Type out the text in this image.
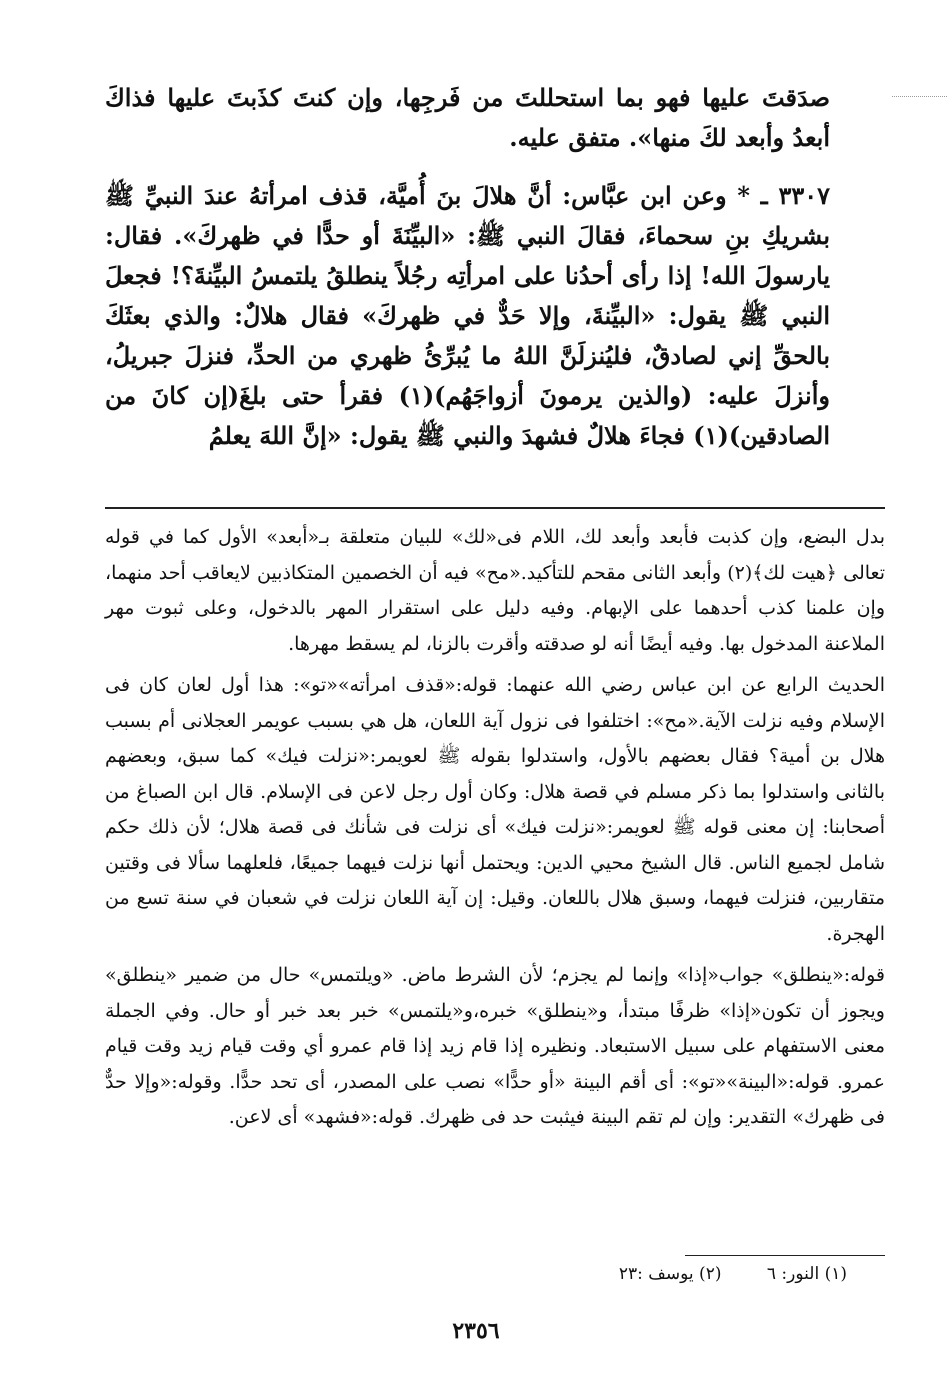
صدَقتَ عليها فهو بما استحللتَ من فَرجِها، وإن كنتَ كذَبتَ عليها فذاكَ أبعدُ وأبعد لكَ منها». متفق عليه.

٣٣٠٧ ـ * وعن ابن عبَّاس: أنَّ هلالَ بنَ أُميَّة، قذف امرأتهُ عندَ النبيِّ ﷺ بشريكِ بنِ سحماءَ، فقالَ النبي ﷺ: «البيِّنَةَ أو حدًّا في ظهركَ». فقال: يارسولَ الله! إذا رأى أحدُنا على امرأتِه رجُلاً ينطلقُ يلتمسُ البيِّنةَ؟! فجعلَ النبي ﷺ يقول: «البيِّنةَ، وإلا حَدٌّ في ظهركَ» فقال هلالٌ: والذي بعثَكَ بالحقِّ إني لصادقٌ، فليُنزلَنَّ اللهُ ما يُبرِّئُ ظهري من الحدِّ، فنزلَ جبريلُ، وأنزلَ عليه: (والذين يرمونَ أزواجَهُم)(١) فقرأ حتى بلغَ(إن كانَ من الصادقين)(١) فجاءَ هلالٌ فشهدَ والنبي ﷺ يقول: «إنَّ اللهَ يعلمُ

بدل البضع، وإن كذبت فأبعد وأبعد لك، اللام فى«لك» للبيان متعلقة بـ«أبعد» الأول كما في قوله تعالى ﴿هيت لك﴾(٢) وأبعد الثانى مقحم للتأكيد.«مح» فيه أن الخصمين المتكاذبين لايعاقب أحد منهما، وإن علمنا كذب أحدهما على الإبهام. وفيه دليل على استقرار المهر بالدخول، وعلى ثبوت مهر الملاعنة المدخول بها. وفيه أيضًا أنه لو صدقته وأقرت بالزنا، لم يسقط مهرها.

الحديث الرابع عن ابن عباس رضي الله عنهما: قوله:«قذف امرأته»«تو»: هذا أول لعان كان فى الإسلام وفيه نزلت الآية.«مح»: اختلفوا فى نزول آية اللعان، هل هي بسبب عويمر العجلانى أم بسبب هلال بن أمية؟ فقال بعضهم بالأول، واستدلوا بقوله ﷺ لعويمر:«نزلت فيك» كما سبق، وبعضهم بالثانى واستدلوا بما ذكر مسلم في قصة هلال: وكان أول رجل لاعن فى الإسلام. قال ابن الصباغ من أصحابنا: إن معنى قوله ﷺ لعويمر:«نزلت فيك» أى نزلت فى شأنك فى قصة هلال؛ لأن ذلك حكم شامل لجميع الناس. قال الشيخ محيي الدين: ويحتمل أنها نزلت فيهما جميعًا، فلعلهما سألا فى وقتين متقاربين، فنزلت فيهما، وسبق هلال باللعان. وقيل: إن آية اللعان نزلت في شعبان في سنة تسع من الهجرة.

قوله:«ينطلق» جواب«إذا» وإنما لم يجزم؛ لأن الشرط ماض. «ويلتمس» حال من ضمير «ينطلق» ويجوز أن تكون«إذا» ظرفًا مبتدأ، و«ينطلق» خبره،و«يلتمس» خبر بعد خبر أو حال. وفي الجملة معنى الاستفهام على سبيل الاستبعاد. ونظيره إذا قام زيد إذا قام عمرو أي وقت قيام زيد وقت قيام عمرو. قوله:«البينة»«تو»: أى أقم البينة «أو حدًّا» نصب على المصدر، أى تحد حدًّا. وقوله:«وإلا حدٌّ فى ظهرك» التقدير: وإن لم تقم البينة فيثبت حد فى ظهرك. قوله:«فشهد» أى لاعن.

(١) النور: ٦ (٢) يوسف :٢٣
٢٣٥٦
